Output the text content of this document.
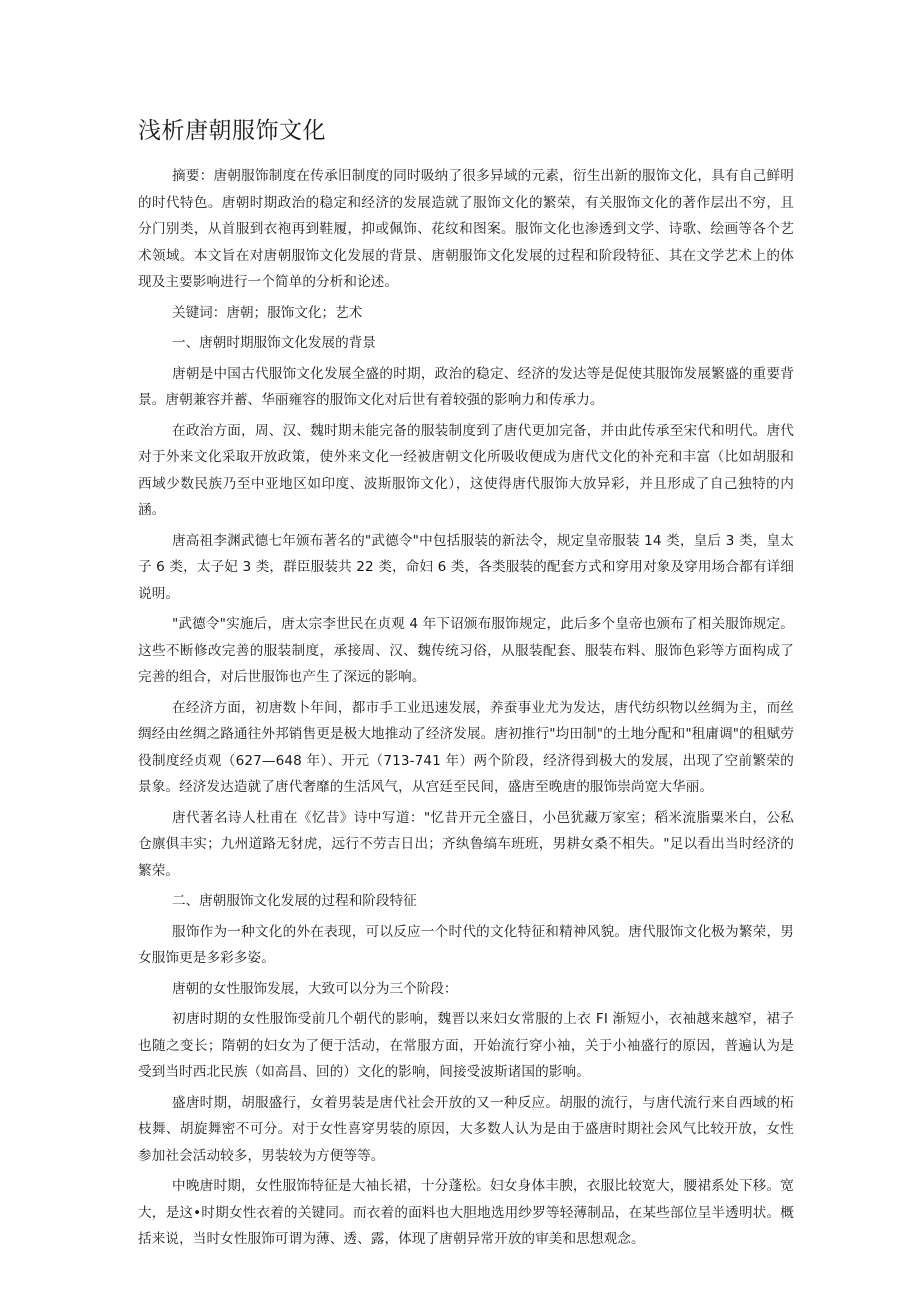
浅析唐朝服饰文化

摘要：唐朝服饰制度在传承旧制度的同时吸纳了很多异域的元素，衍生出新的服饰文化，具有自己鲜明的时代特色。唐朝时期政治的稳定和经济的发展造就了服饰文化的繁荣，有关服饰文化的著作层出不穷，且分门别类，从首服到衣袍再到鞋履，抑或佩饰、花纹和图案。服饰文化也渗透到文学、诗歌、绘画等各个艺术领域。本文旨在对唐朝服饰文化发展的背景、唐朝服饰文化发展的过程和阶段特征、其在文学艺术上的体现及主要影响进行一个简单的分析和论述。

关键词：唐朝；服饰文化；艺术

一、唐朝时期服饰文化发展的背景

唐朝是中国古代服饰文化发展全盛的时期，政治的稳定、经济的发达等是促使其服饰发展繁盛的重要背景。唐朝兼容并蓄、华丽雍容的服饰文化对后世有着较强的影响力和传承力。

在政治方面，周、汉、魏时期未能完备的服装制度到了唐代更加完备，并由此传承至宋代和明代。唐代对于外来文化采取开放政策，使外来文化一经被唐朝文化所吸收便成为唐代文化的补充和丰富（比如胡服和西域少数民族乃至中亚地区如印度、波斯服饰文化），这使得唐代服饰大放异彩，并且形成了自己独特的内涵。

唐高祖李渊武德七年颁布著名的"武德令"中包括服装的新法令，规定皇帝服装 14 类，皇后 3 类，皇太子 6 类，太子妃 3 类，群臣服装共 22 类，命妇 6 类，各类服装的配套方式和穿用对象及穿用场合都有详细说明。

"武德令"实施后，唐太宗李世民在贞观 4 年下诏颁布服饰规定，此后多个皇帝也颁布了相关服饰规定。这些不断修改完善的服装制度，承接周、汉、魏传统习俗，从服装配套、服装布料、服饰色彩等方面构成了完善的组合，对后世服饰也产生了深远的影响。

在经济方面，初唐数卜年间，都市手工业迅速发展，养蚕事业尤为发达，唐代纺织物以丝绸为主，而丝绸经由丝绸之路通往外邦销售更是极大地推动了经济发展。唐初推行"均田制"的土地分配和"租庸调"的租赋劳役制度经贞观（627—648 年）、开元（713-741 年）两个阶段，经济得到极大的发展，出现了空前繁荣的景象。经济发达造就了唐代奢靡的生活风气，从宫廷至民间，盛唐至晚唐的服饰崇尚宽大华丽。

唐代著名诗人杜甫在《忆昔》诗中写道："忆昔开元全盛日，小邑犹藏万家室；稻米流脂粟米白，公私仓廪俱丰实；九州道路无豺虎，远行不劳吉日出；齐纨鲁缟车班班，男耕女桑不相失。"足以看出当时经济的繁荣。

二、唐朝服饰文化发展的过程和阶段特征

服饰作为一种文化的外在表现，可以反应一个时代的文化特征和精神风貌。唐代服饰文化极为繁荣，男女服饰更是多彩多姿。

唐朝的女性服饰发展，大致可以分为三个阶段：

初唐时期的女性服饰受前几个朝代的影响，魏晋以来妇女常服的上衣 FI 渐短小，衣袖越来越窄，裙子也随之变长；隋朝的妇女为了便于活动，在常服方面，开始流行穿小袖，关于小袖盛行的原因，普遍认为是受到当时西北民族（如高昌、回的）文化的影响，间接受波斯诸国的影响。

盛唐时期，胡服盛行，女着男装是唐代社会开放的又一种反应。胡服的流行，与唐代流行来自西域的柘枝舞、胡旋舞密不可分。对于女性喜穿男装的原因，大多数人认为是由于盛唐时期社会风气比较开放，女性参加社会活动较多，男装较为方便等等。

中晚唐时期，女性服饰特征是大袖长裙，十分蓬松。妇女身体丰腴，衣服比较宽大，腰裙系处下移。宽大，是这•时期女性衣着的关键同。而衣着的面料也大胆地选用纱罗等轻薄制品，在某些部位呈半透明状。概括来说，当时女性服饰可谓为薄、透、露，体现了唐朝异常开放的审美和思想观念。
